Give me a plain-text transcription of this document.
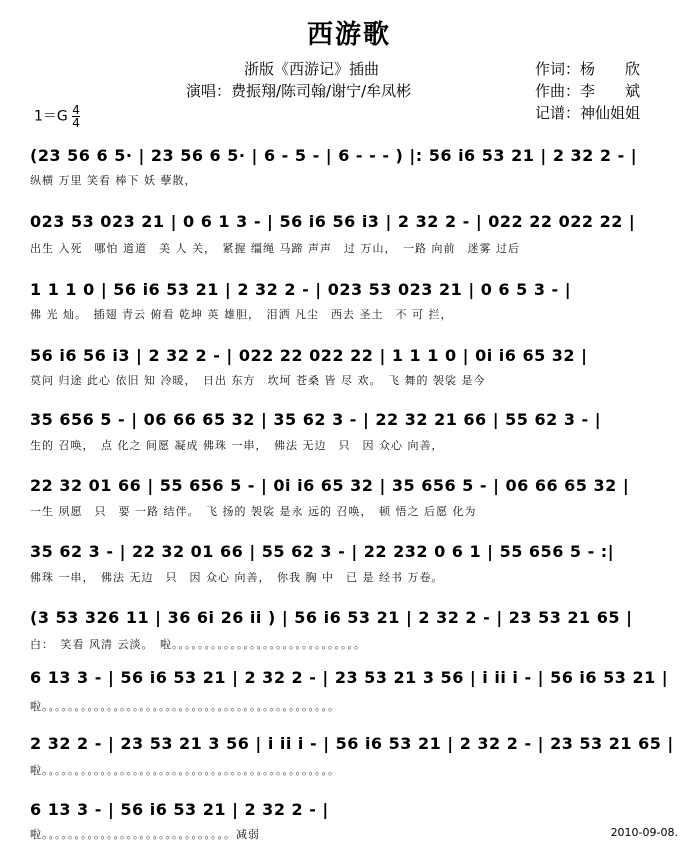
西游歌
浙版《西游记》插曲
演唱：费振翔/陈司翰/谢宁/牟凤彬
作词：杨　　欣
作曲：李　　斌
记谱：神仙姐姐
$1=G \frac{4}{4}$
(23 56 6 5· | 23 56 6 5· | 6 - 5 - | 6 - - - ) |: 56 i6 53 21 | 2 32 2 - |
纵横 万里 笑看 棒下 妖 孽散，
023 53 023 21 | 0 6 1 3 - | 56 i6 56 i3 | 2 32 2 - | 022 22 022 22 |
出生 入死　哪怕 道道　美 人 关，　紧握 缰绳 马蹄 声声　过 万山，　一路 向前　迷雾 过后
1 1 1 0 | 56 i6 53 21 | 2 32 2 - | 023 53 023 21 | 0 6 5 3 - |
佛 光 灿。　插翅 青云 俯看 乾坤 英 雄胆，　泪洒 凡尘　西去 圣土　不 可 拦，
56 i6 56 i3 | 2 32 2 - | 022 22 022 22 | 1 1 1 0 | 0i i6 65 32 |
莫问 归途 此心 依旧 知 冷暖，　日出 东方　坎坷 苍桑 皆 尽 欢。　飞 舞的 袈裟 是今
35 656 5 - | 06 66 65 32 | 35 62 3 - | 22 32 21 66 | 55 62 3 - |
生的 召唤，　点 化之 间愿 凝成 佛珠 一串，　佛法 无边　只　因 众心 向善，
22 32 01 66 | 55 656 5 - | 0i i6 65 32 | 35 656 5 - | 06 66 65 32 |
一生 夙愿　只　要 一路 结伴。　飞 扬的 袈裟 是永 远的 召唤，　顿 悟之 后愿 化为
35 62 3 - | 22 32 01 66 | 55 62 3 - | 22 232 0 6 1 | 55 656 5 - :|
佛珠 一串，　佛法 无边　只　因 众心 向善，　你我 胸 中　已 是 经书 万卷。
(3 53 326 11 | 36 6i 26 ii ) | 56 i6 53 21 | 2 32 2 - | 23 53 21 65 |
白：　笑看 风清 云淡。　啦。。。。。。。。。。。。。。。。。。。。。。。。。。。。。
6 13 3 - | 56 i6 53 21 | 2 32 2 - | 23 53 21 3 56 | i ii i - | 56 i6 53 21 |
啦。。。。。。。。。。。。。。。。。。。。。。。。。。。。。。。。。。。。。。。。。。。。。
2 32 2 - | 23 53 21 3 56 | i ii i - | 56 i6 53 21 | 2 32 2 - | 23 53 21 65 |
啦。。。。。。。。。。。。。。。。。。。。。。。。。。。。。。。。。。。。。。。。。。。。。
6 13 3 - | 56 i6 53 21 | 2 32 2 - |
啦。。。。。。。。。。。。。。。。。。。。。。。。。。。。。减弱	2010-09-08.
